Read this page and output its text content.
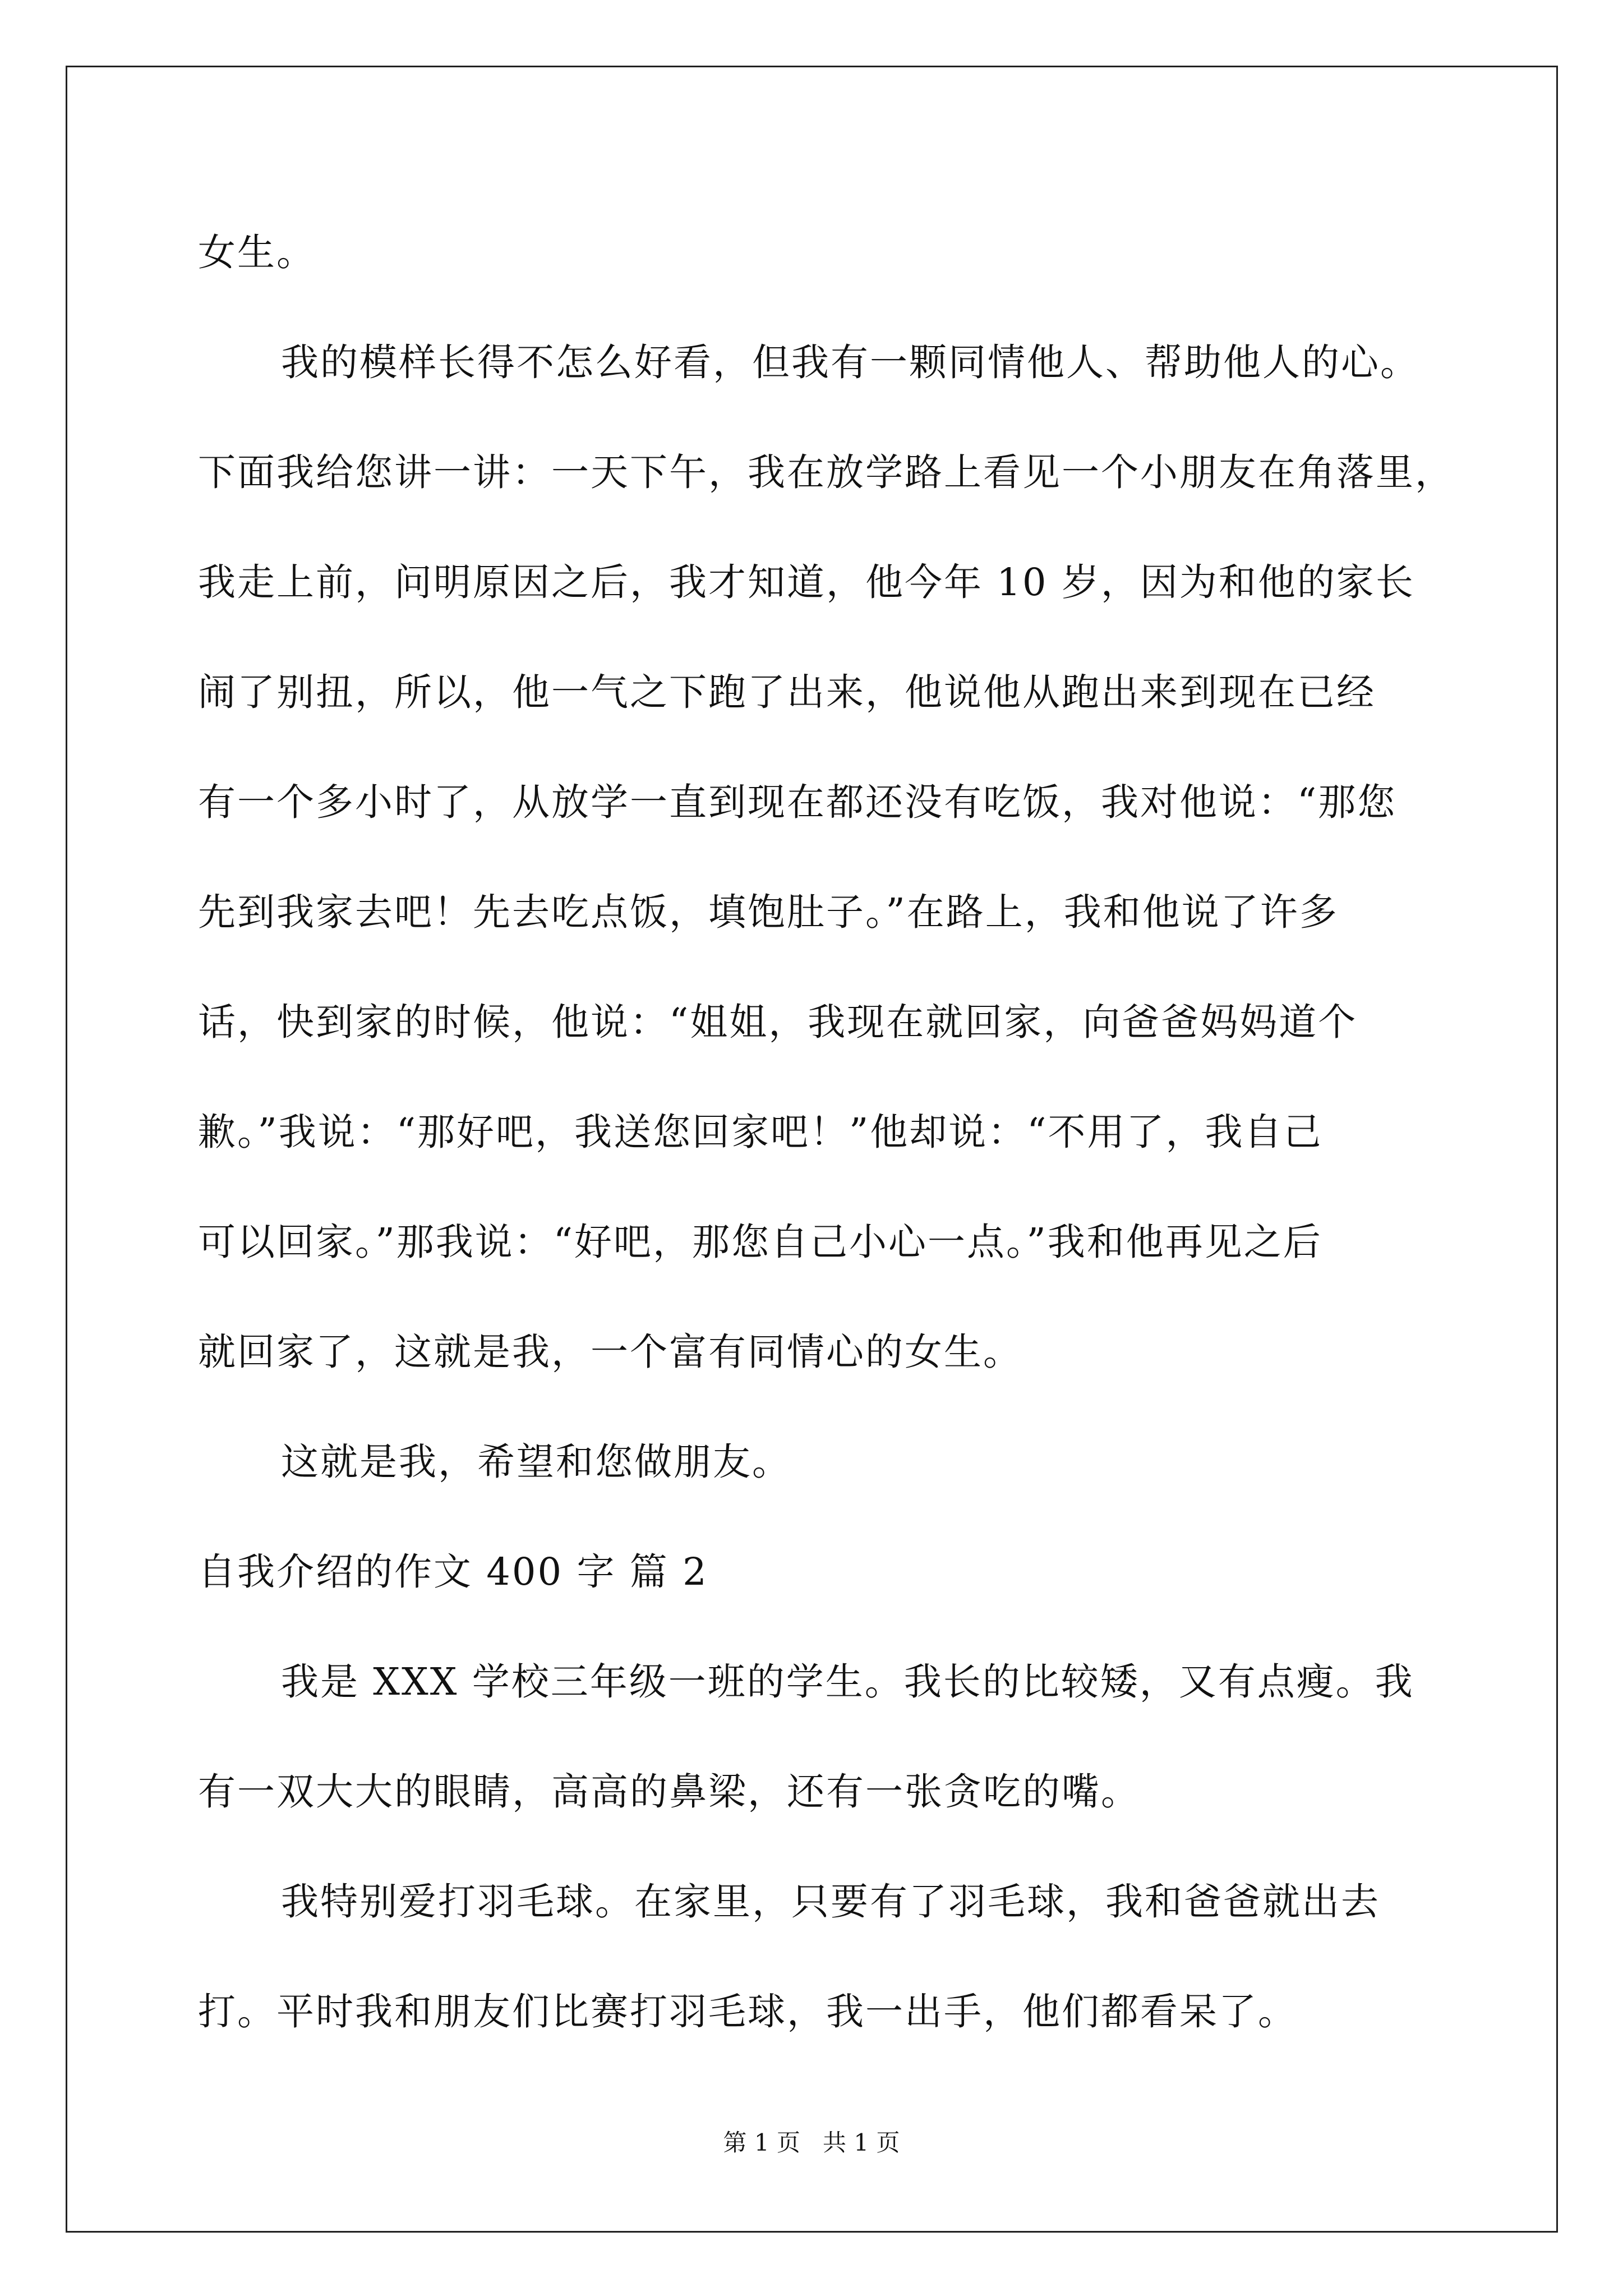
女生。
我的模样长得不怎么好看，但我有一颗同情他人、帮助他人的心。
下面我给您讲一讲：一天下午，我在放学路上看见一个小朋友在角落里，
我走上前，问明原因之后，我才知道，他今年 10 岁，因为和他的家长
闹了别扭，所以，他一气之下跑了出来，他说他从跑出来到现在已经
有一个多小时了，从放学一直到现在都还没有吃饭，我对他说：“那您
先到我家去吧！先去吃点饭，填饱肚子。”在路上，我和他说了许多
话，快到家的时候，他说：“姐姐，我现在就回家，向爸爸妈妈道个
歉。”我说：“那好吧，我送您回家吧！”他却说：“不用了，我自己
可以回家。”那我说：“好吧，那您自己小心一点。”我和他再见之后
就回家了，这就是我，一个富有同情心的女生。
这就是我，希望和您做朋友。
自我介绍的作文 400 字 篇 2
我是 XXX 学校三年级一班的学生。我长的比较矮，又有点瘦。我
有一双大大的眼睛，高高的鼻梁，还有一张贪吃的嘴。
我特别爱打羽毛球。在家里，只要有了羽毛球，我和爸爸就出去
打。平时我和朋友们比赛打羽毛球，我一出手，他们都看呆了。
第 1 页   共 1 页
